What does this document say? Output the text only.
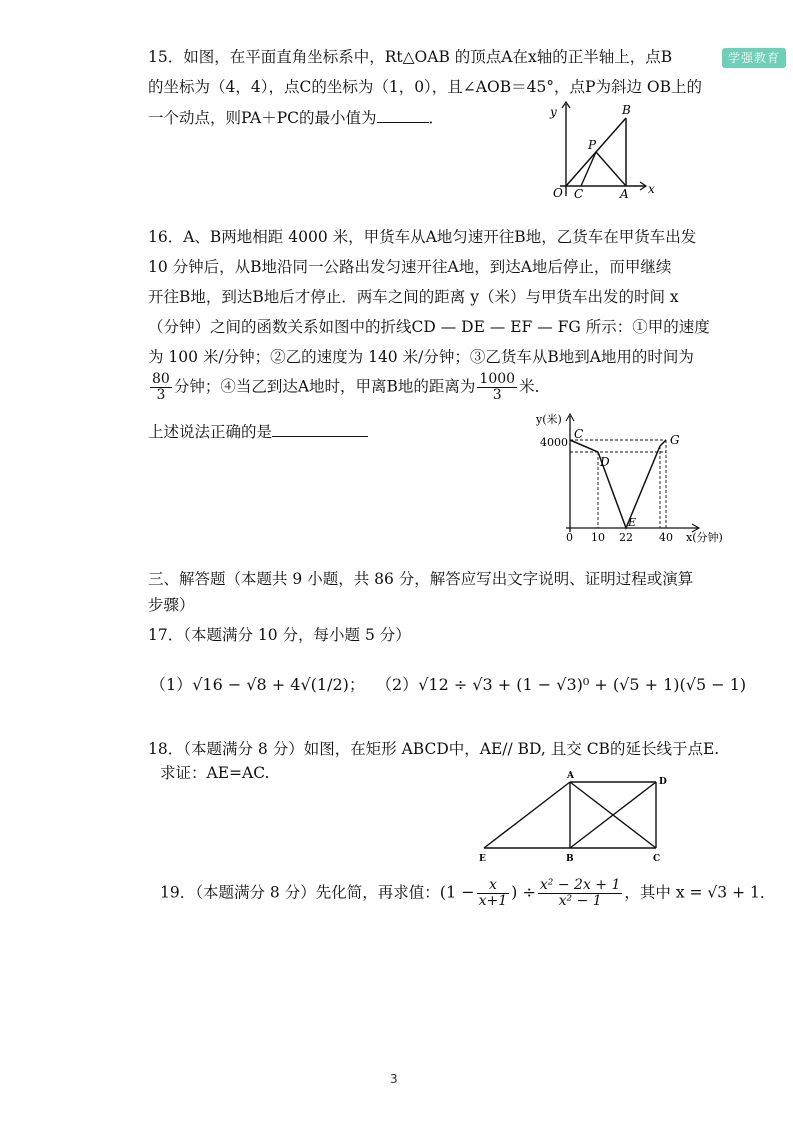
学强教育
15．如图，在平面直角坐标系中，Rt△OAB 的顶点A在x轴的正半轴上，点B
的坐标为（4，4），点C的坐标为（1，0），且∠AOB＝45°，点P为斜边 OB上的
一个动点，则PA＋PC的最小值为	．	y
x
O C	A
B
P
16．A、B两地相距 4000 米，甲货车从A地匀速开往B地，乙货车在甲货车出发
10 分钟后，从B地沿同一公路出发匀速开往A地，到达A地后停止，而甲继续
开往B地，到达B地后才停止．两车之间的距离 y（米）与甲货车出发的时间 x
（分钟）之间的函数关系如图中的折线CD — DE — EF — FG 所示：①甲的速度
为 100 米/分钟；②乙的速度为 140 米/分钟；③乙货车从B地到A地用的时间为
$\frac{80}{3}$ 分钟；④当乙到达A地时，甲离B地的距离为 $\frac{1000}{3}$ 米．
上述说法正确的是
y(米)
4000
C
D
E
G
0 10 22 40 x(分钟)
三、解答题（本题共 9 小题，共 86 分，解答应写出文字说明、证明过程或演算
步骤）
17．（本题满分 10 分，每小题 5 分）
（1）√16 − √8 + 4√(1/2)； （2）√12 ÷ √3 + (1 − √3)⁰ + (√5 + 1)(√5 − 1)
18．（本题满分 8 分）如图，在矩形 ABCD中，AE// BD, 且交 CB的延长线于点E.
求证：AE=AC.	A
D
E	B	C
19．（本题满分 8 分）先化简，再求值：($1 - \frac{x}{x+1}$ ) ÷ $\frac{\text{x² − 2x + 1}}{\text{x² − 1}}$ ，其中 x = √3 + 1．
3
